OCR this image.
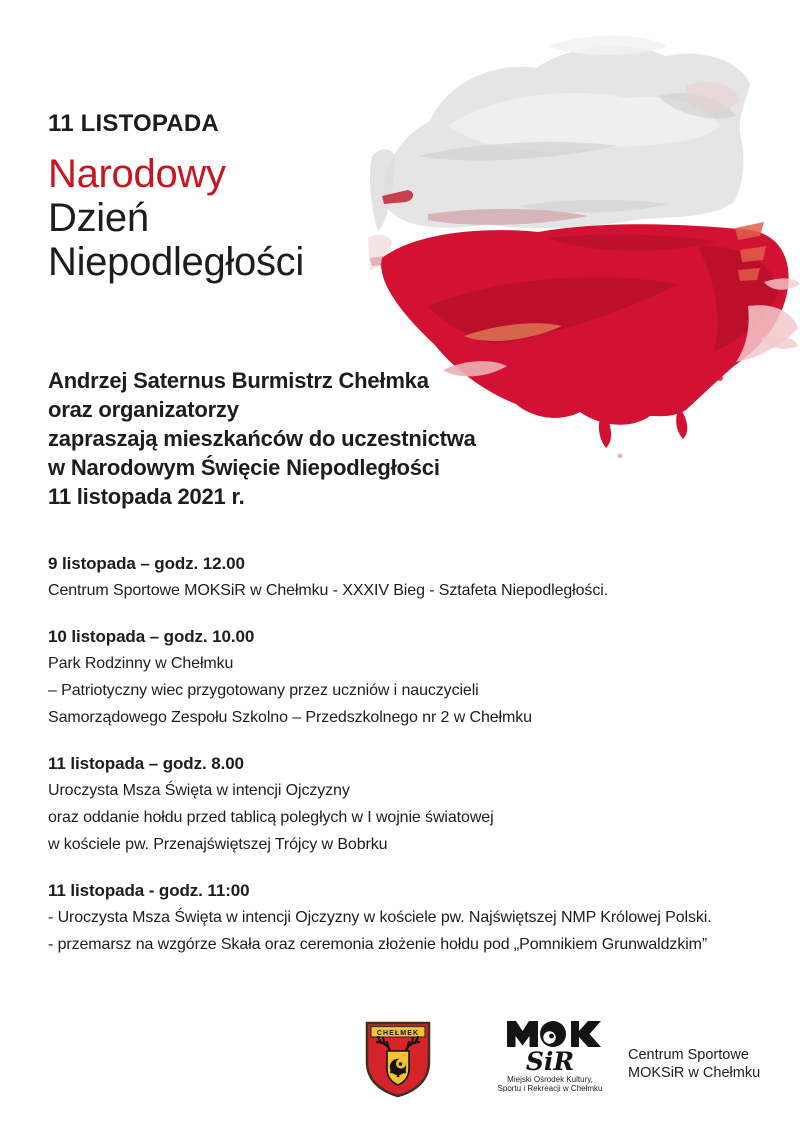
11 LISTOPADA
Narodowy
Dzień
Niepodległości
Andrzej Saternus Burmistrz Chełmka
oraz organizatorzy
zapraszają mieszkańców do uczestnictwa
w Narodowym Święcie Niepodległości
11 listopada 2021 r.
9 listopada – godz. 12.00
Centrum Sportowe MOKSiR w Chełmku - XXXIV Bieg - Sztafeta Niepodległości.
10 listopada – godz. 10.00
Park Rodzinny w Chełmku
– Patriotyczny wiec przygotowany przez uczniów i nauczycieli
Samorządowego Zespołu Szkolno – Przedszkolnego nr 2 w Chełmku
11 listopada – godz. 8.00
Uroczysta Msza Święta w intencji Ojczyzny
oraz oddanie hołdu przed tablicą poległych w I wojnie światowej
w kościele pw. Przenajświętszej Trójcy w Bobrku
11 listopada - godz. 11:00
- Uroczysta Msza Święta w intencji Ojczyzny w kościele pw. Najświętszej NMP Królowej Polski.
- przemarsz na wzgórze Skała oraz ceremonia złożenie hołdu pod „Pomnikiem Grunwaldzkim”
CHEŁMEK
SiR
Miejski Ośrodek Kultury,
Sportu i Rekreacji w Chełmku
Centrum Sportowe
MOKSiR w Chełmku
